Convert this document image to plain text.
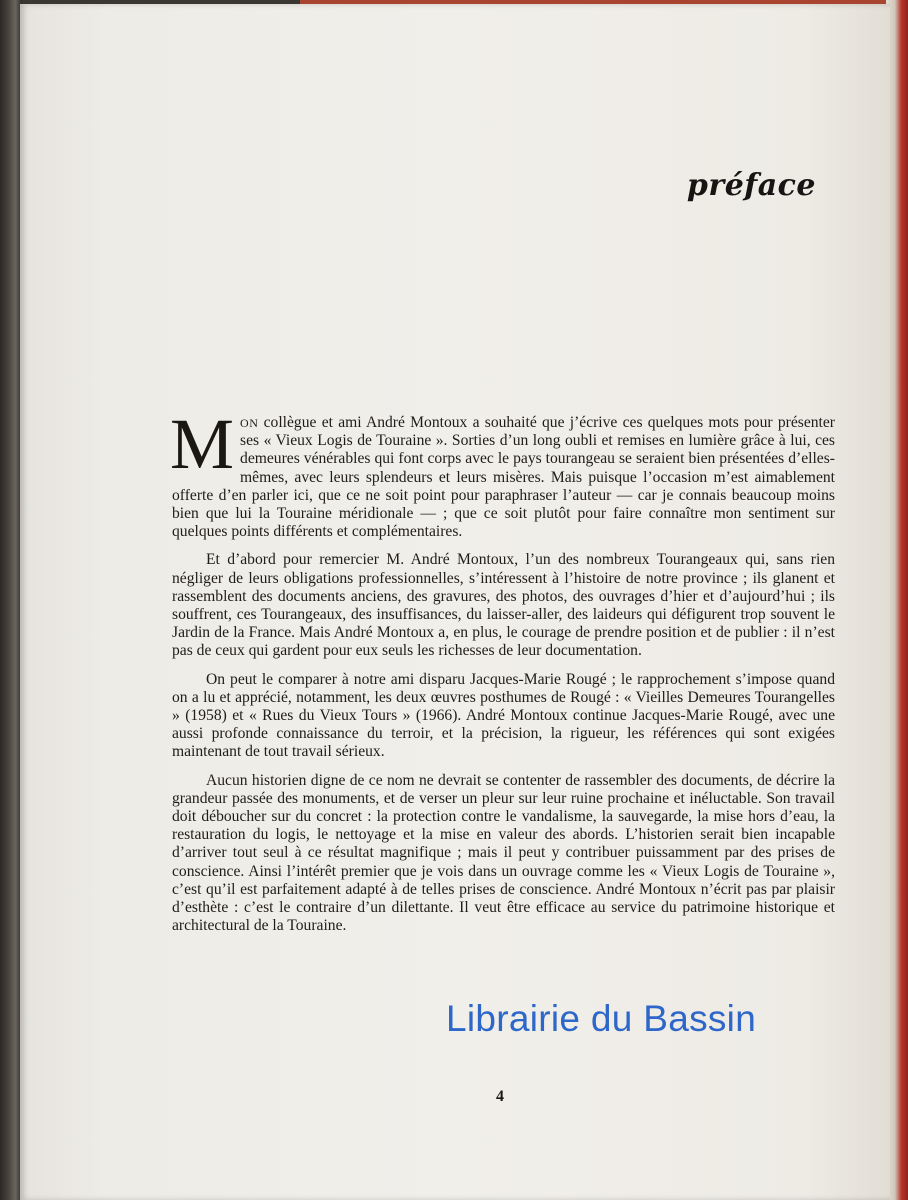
préface

MON collègue et ami André Montoux a souhaité que j’écrive ces quelques mots pour présenter ses « Vieux Logis de Touraine ». Sorties d’un long oubli et remises en lumière grâce à lui, ces demeures vénérables qui font corps avec le pays tourangeau se seraient bien présentées d’elles-mêmes, avec leurs splendeurs et leurs misères. Mais puisque l’occasion m’est aimablement offerte d’en parler ici, que ce ne soit point pour paraphraser l’auteur — car je connais beaucoup moins bien que lui la Touraine méridionale — ; que ce soit plutôt pour faire connaître mon sentiment sur quelques points différents et complémentaires.

Et d’abord pour remercier M. André Montoux, l’un des nombreux Tourangeaux qui, sans rien négliger de leurs obligations professionnelles, s’intéressent à l’histoire de notre province ; ils glanent et rassemblent des documents anciens, des gravures, des photos, des ouvrages d’hier et d’aujourd’hui ; ils souffrent, ces Tourangeaux, des insuffisances, du laisser-aller, des laideurs qui défigurent trop souvent le Jardin de la France. Mais André Montoux a, en plus, le courage de prendre position et de publier : il n’est pas de ceux qui gardent pour eux seuls les richesses de leur documentation.

On peut le comparer à notre ami disparu Jacques-Marie Rougé ; le rapprochement s’impose quand on a lu et apprécié, notamment, les deux œuvres posthumes de Rougé : « Vieilles Demeures Tourangelles » (1958) et « Rues du Vieux Tours » (1966). André Montoux continue Jacques-Marie Rougé, avec une aussi profonde connaissance du terroir, et la précision, la rigueur, les références qui sont exigées maintenant de tout travail sérieux.

Aucun historien digne de ce nom ne devrait se contenter de rassembler des documents, de décrire la grandeur passée des monuments, et de verser un pleur sur leur ruine prochaine et inéluctable. Son travail doit déboucher sur du concret : la protection contre le vandalisme, la sauvegarde, la mise hors d’eau, la restauration du logis, le nettoyage et la mise en valeur des abords. L’historien serait bien incapable d’arriver tout seul à ce résultat magnifique ; mais il peut y contribuer puissamment par des prises de conscience. Ainsi l’intérêt premier que je vois dans un ouvrage comme les « Vieux Logis de Touraine », c’est qu’il est parfaitement adapté à de telles prises de conscience. André Montoux n’écrit pas par plaisir d’esthète : c’est le contraire d’un dilettante. Il veut être efficace au service du patrimoine historique et architectural de la Touraine.

4
Librairie du Bassin
